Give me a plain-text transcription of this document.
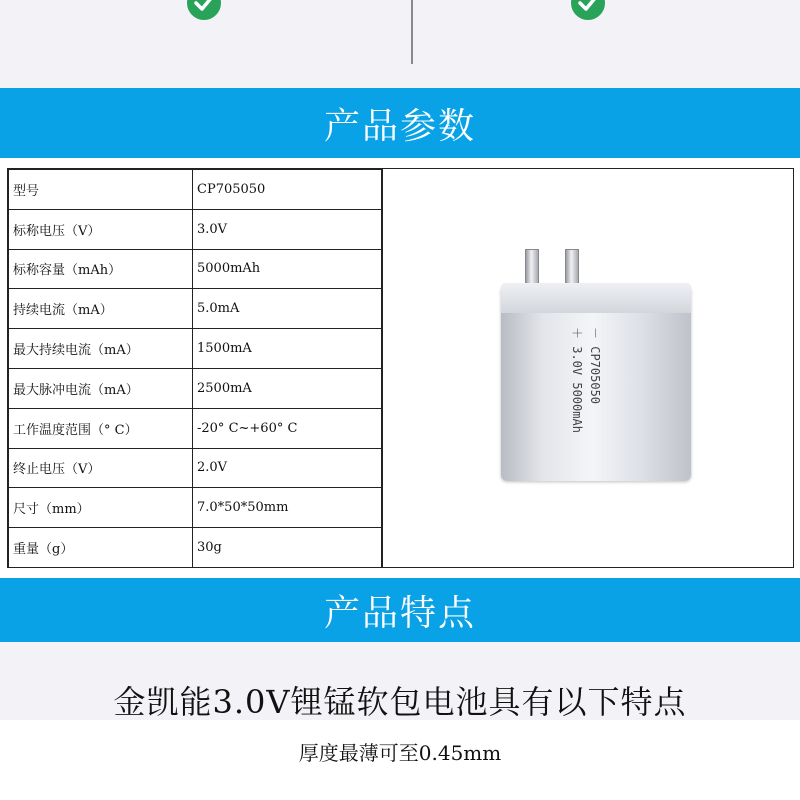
产品参数
型号	CP705050
标称电压（V）	3.0V
标称容量（mAh）	5000mAh
持续电流（mA）	5.0mA
最大持续电流（mA）	1500mA
最大脉冲电流（mA）	2500mA
工作温度范围（° C）	-20° C~+60° C
终止电压（V）	2.0V
尺寸（mm）	7.0*50*50mm
重量（g）	30g
－ CP705050
＋ 3.0V 5000mAh
产品特点
金凯能3.0V锂锰软包电池具有以下特点
厚度最薄可至0.45mm
